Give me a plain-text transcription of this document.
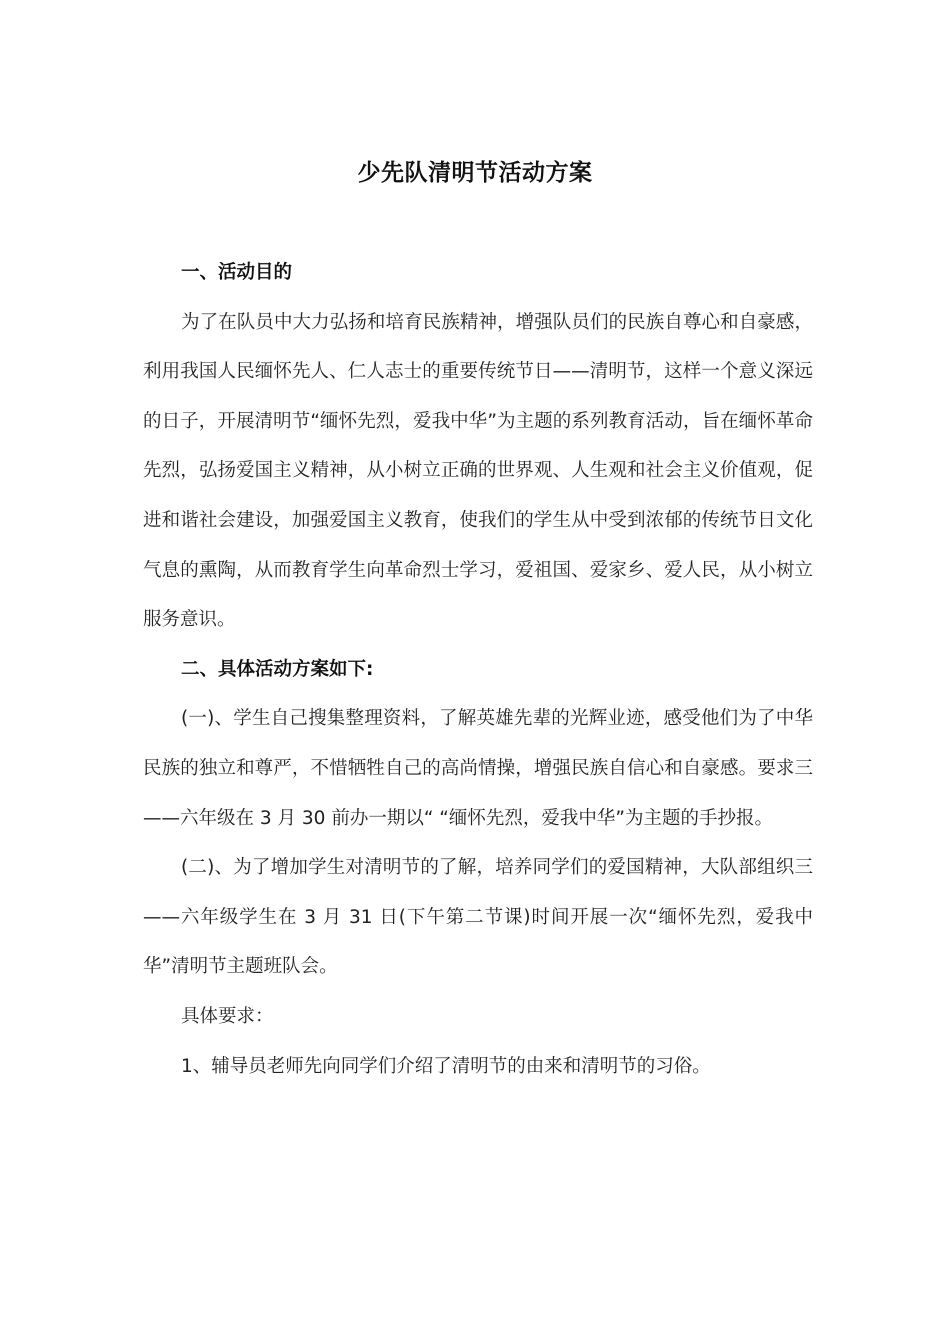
少先队清明节活动方案

一、活动目的

为了在队员中大力弘扬和培育民族精神，增强队员们的民族自尊心和自豪感，利用我国人民缅怀先人、仁人志士的重要传统节日——清明节，这样一个意义深远的日子，开展清明节“缅怀先烈，爱我中华”为主题的系列教育活动，旨在缅怀革命先烈，弘扬爱国主义精神，从小树立正确的世界观、人生观和社会主义价值观，促进和谐社会建设，加强爱国主义教育，使我们的学生从中受到浓郁的传统节日文化气息的熏陶，从而教育学生向革命烈士学习，爱祖国、爱家乡、爱人民，从小树立服务意识。

二、具体活动方案如下:

(一)、学生自己搜集整理资料，了解英雄先辈的光辉业迹，感受他们为了中华民族的独立和尊严，不惜牺牲自己的高尚情操，增强民族自信心和自豪感。要求三——六年级在 3 月 30 前办一期以“ “缅怀先烈，爱我中华”为主题的手抄报。

(二)、为了增加学生对清明节的了解，培养同学们的爱国精神，大队部组织三——六年级学生在 3 月 31 日(下午第二节课)时间开展一次“缅怀先烈，爱我中华”清明节主题班队会。

具体要求：

1、辅导员老师先向同学们介绍了清明节的由来和清明节的习俗。
